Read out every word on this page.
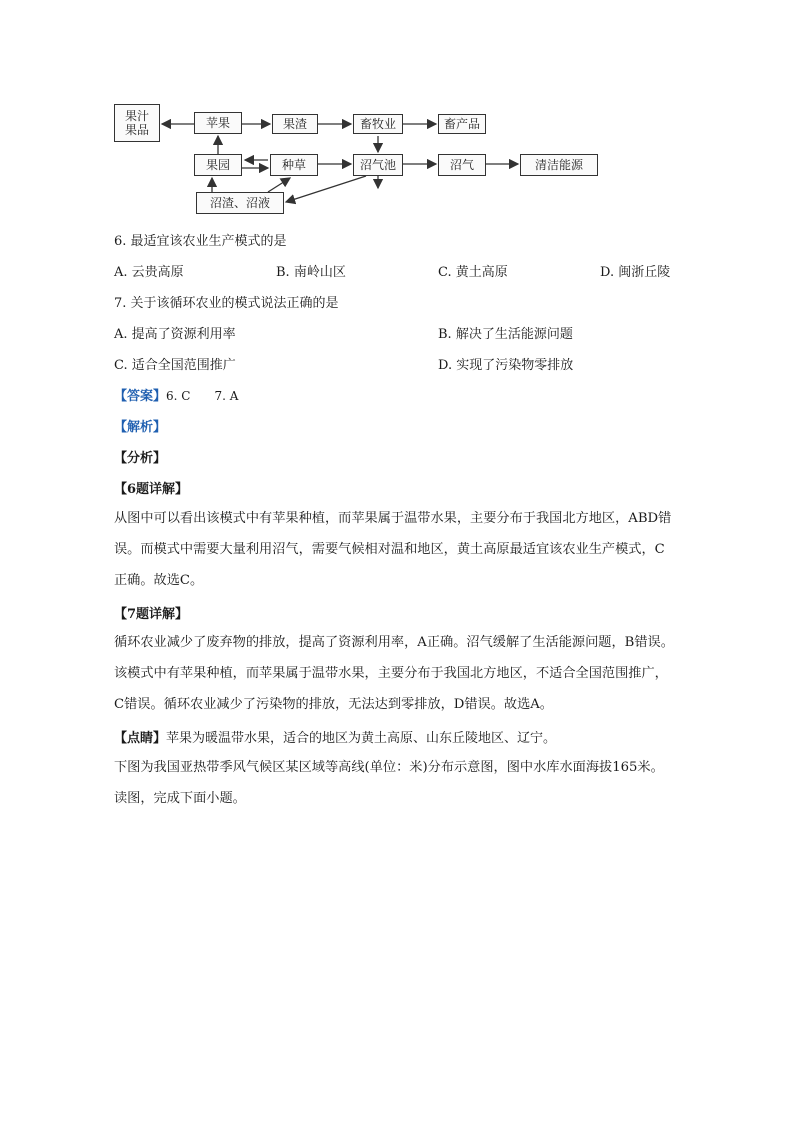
果汁
果品	苹果	果渣	畜牧业	畜产品
果园	种草	沼气池	沼气	清洁能源
沼渣、沼液
6. 最适宜该农业生产模式的是
A. 云贵高原	B. 南岭山区	C. 黄土高原	D. 闽浙丘陵
7. 关于该循环农业的模式说法正确的是
A. 提高了资源利用率	B. 解决了生活能源问题
C. 适合全国范围推广	D. 实现了污染物零排放
【答案】6. C　　7. A
【解析】
【分析】
【6题详解】
从图中可以看出该模式中有苹果种植，而苹果属于温带水果，主要分布于我国北方地区，ABD错误。而模式中需要大量利用沼气，需要气候相对温和地区，黄土高原最适宜该农业生产模式，C正确。故选C。
【7题详解】
循环农业减少了废弃物的排放，提高了资源利用率，A正确。沼气缓解了生活能源问题，B错误。该模式中有苹果种植，而苹果属于温带水果，主要分布于我国北方地区，不适合全国范围推广，C错误。循环农业减少了污染物的排放，无法达到零排放，D错误。故选A。
【点睛】苹果为暖温带水果，适合的地区为黄土高原、山东丘陵地区、辽宁。
下图为我国亚热带季风气候区某区域等高线(单位：米)分布示意图，图中水库水面海拔165米。读图，完成下面小题。
